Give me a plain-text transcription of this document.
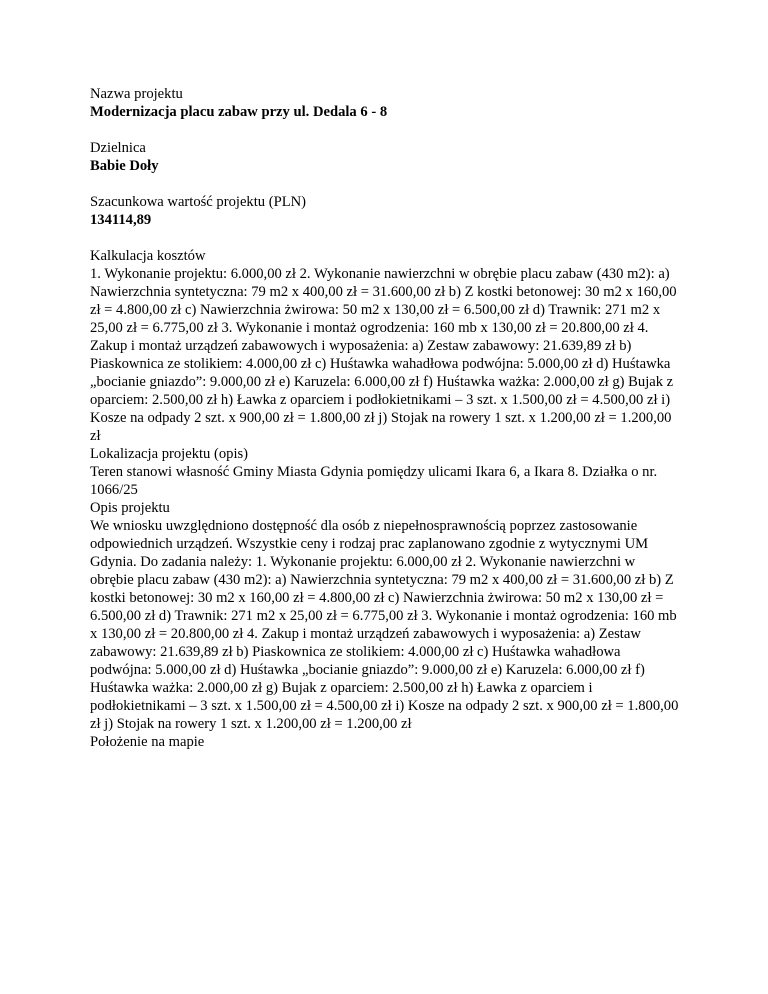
Nazwa projektu
Modernizacja placu zabaw przy ul. Dedala 6 - 8
Dzielnica
Babie Doły
Szacunkowa wartość projektu (PLN)
134114,89
Kalkulacja kosztów
1. Wykonanie projektu: 6.000,00 zł 2. Wykonanie nawierzchni w obrębie placu zabaw (430 m2): a) Nawierzchnia syntetyczna: 79 m2 x 400,00 zł = 31.600,00 zł b) Z kostki betonowej: 30 m2 x 160,00 zł = 4.800,00 zł c) Nawierzchnia żwirowa: 50 m2 x 130,00 zł = 6.500,00 zł d) Trawnik: 271 m2 x 25,00 zł = 6.775,00 zł 3. Wykonanie i montaż ogrodzenia: 160 mb x 130,00 zł = 20.800,00 zł 4. Zakup i montaż urządzeń zabawowych i wyposażenia: a) Zestaw zabawowy: 21.639,89 zł b) Piaskownica ze stolikiem: 4.000,00 zł c) Huśtawka wahadłowa podwójna: 5.000,00 zł d) Huśtawka „bocianie gniazdo”: 9.000,00 zł e) Karuzela: 6.000,00 zł f) Huśtawka ważka: 2.000,00 zł g) Bujak z oparciem: 2.500,00 zł h) Ławka z oparciem i podłokietnikami – 3 szt. x 1.500,00 zł = 4.500,00 zł i) Kosze na odpady 2 szt. x 900,00 zł = 1.800,00 zł j) Stojak na rowery 1 szt. x 1.200,00 zł = 1.200,00 zł
Lokalizacja projektu (opis)
Teren stanowi własność Gminy Miasta Gdynia pomiędzy ulicami Ikara 6, a Ikara 8. Działka o nr. 1066/25
Opis projektu
We wniosku uwzględniono dostępność dla osób z niepełnosprawnością poprzez zastosowanie odpowiednich urządzeń. Wszystkie ceny i rodzaj prac zaplanowano zgodnie z wytycznymi UM Gdynia. Do zadania należy: 1. Wykonanie projektu: 6.000,00 zł 2. Wykonanie nawierzchni w obrębie placu zabaw (430 m2): a) Nawierzchnia syntetyczna: 79 m2 x 400,00 zł = 31.600,00 zł b) Z kostki betonowej: 30 m2 x 160,00 zł = 4.800,00 zł c) Nawierzchnia żwirowa: 50 m2 x 130,00 zł = 6.500,00 zł d) Trawnik: 271 m2 x 25,00 zł = 6.775,00 zł 3. Wykonanie i montaż ogrodzenia: 160 mb x 130,00 zł = 20.800,00 zł 4. Zakup i montaż urządzeń zabawowych i wyposażenia: a) Zestaw zabawowy: 21.639,89 zł b) Piaskownica ze stolikiem: 4.000,00 zł c) Huśtawka wahadłowa podwójna: 5.000,00 zł d) Huśtawka „bocianie gniazdo”: 9.000,00 zł e) Karuzela: 6.000,00 zł f) Huśtawka ważka: 2.000,00 zł g) Bujak z oparciem: 2.500,00 zł h) Ławka z oparciem i podłokietnikami – 3 szt. x 1.500,00 zł = 4.500,00 zł i) Kosze na odpady 2 szt. x 900,00 zł = 1.800,00 zł j) Stojak na rowery 1 szt. x 1.200,00 zł = 1.200,00 zł
Położenie na mapie
